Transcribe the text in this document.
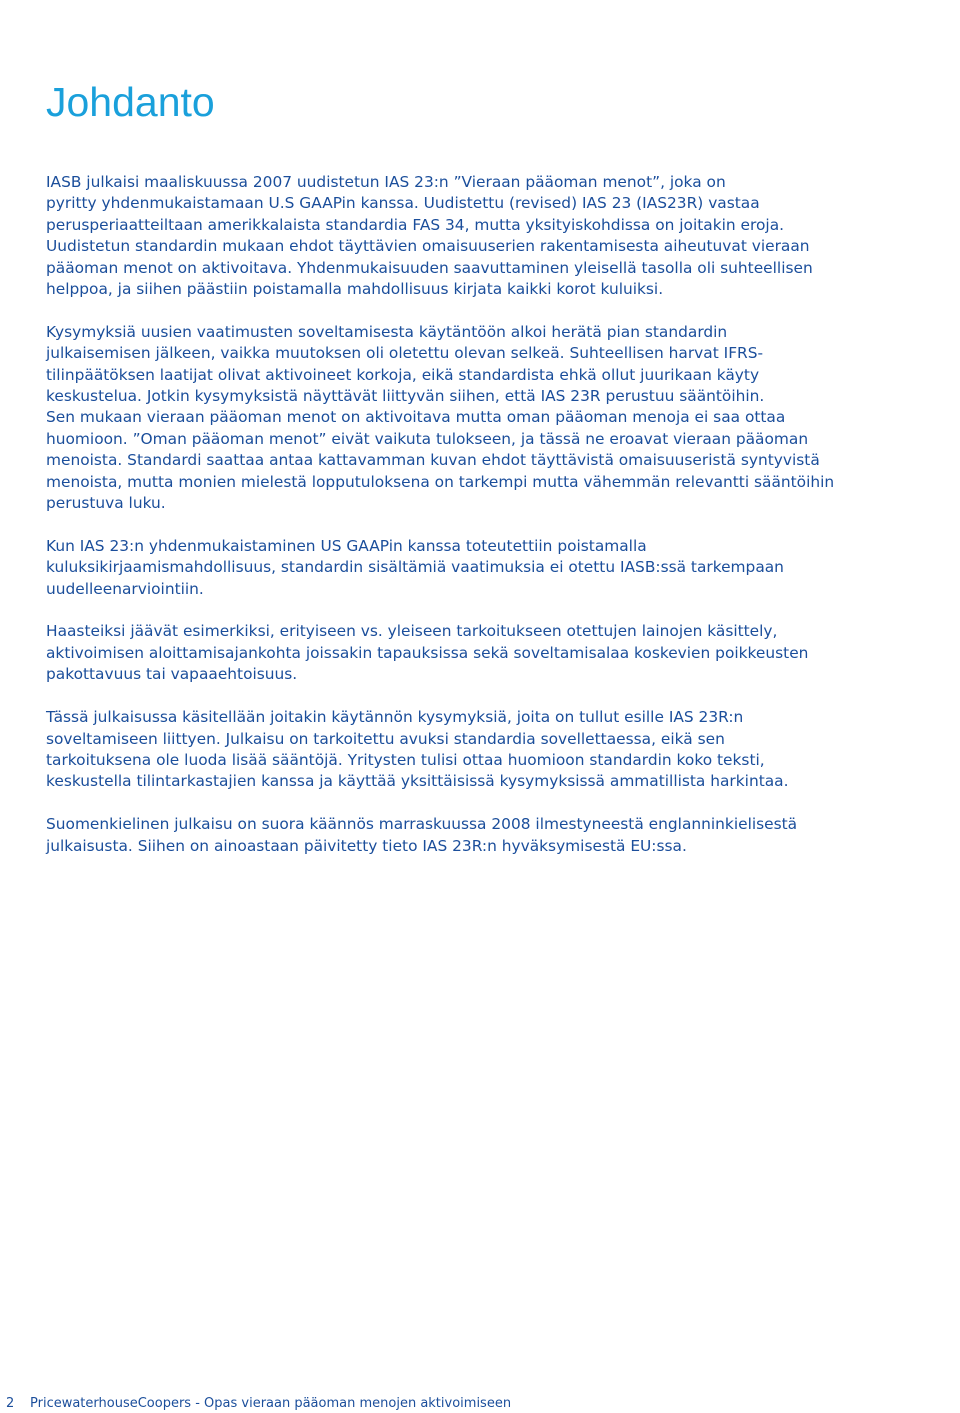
Johdanto

IASB julkaisi maaliskuussa 2007 uudistetun IAS 23:n ”Vieraan pääoman menot”, joka on
pyritty yhdenmukaistamaan U.S GAAPin kanssa. Uudistettu (revised) IAS 23 (IAS23R) vastaa
perusperiaatteiltaan amerikkalaista standardia FAS 34, mutta yksityiskohdissa on joitakin eroja.
Uudistetun standardin mukaan ehdot täyttävien omaisuuserien rakentamisesta aiheutuvat vieraan
pääoman menot on aktivoitava. Yhdenmukaisuuden saavuttaminen yleisellä tasolla oli suhteellisen
helppoa, ja siihen päästiin poistamalla mahdollisuus kirjata kaikki korot kuluiksi.

Kysymyksiä uusien vaatimusten soveltamisesta käytäntöön alkoi herätä pian standardin
julkaisemisen jälkeen, vaikka muutoksen oli oletettu olevan selkeä. Suhteellisen harvat IFRS-
tilinpäätöksen laatijat olivat aktivoineet korkoja, eikä standardista ehkä ollut juurikaan käyty
keskustelua. Jotkin kysymyksistä näyttävät liittyvän siihen, että IAS 23R perustuu sääntöihin.
Sen mukaan vieraan pääoman menot on aktivoitava mutta oman pääoman menoja ei saa ottaa
huomioon. ”Oman pääoman menot” eivät vaikuta tulokseen, ja tässä ne eroavat vieraan pääoman
menoista. Standardi saattaa antaa kattavamman kuvan ehdot täyttävistä omaisuuseristä syntyvistä
menoista, mutta monien mielestä lopputuloksena on tarkempi mutta vähemmän relevantti sääntöihin
perustuva luku.

Kun IAS 23:n yhdenmukaistaminen US GAAPin kanssa toteutettiin poistamalla
kuluksikirjaamismahdollisuus, standardin sisältämiä vaatimuksia ei otettu IASB:ssä tarkempaan
uudelleenarviointiin.

Haasteiksi jäävät esimerkiksi, erityiseen vs. yleiseen tarkoitukseen otettujen lainojen käsittely,
aktivoimisen aloittamisajankohta joissakin tapauksissa sekä soveltamisalaa koskevien poikkeusten
pakottavuus tai vapaaehtoisuus.

Tässä julkaisussa käsitellään joitakin käytännön kysymyksiä, joita on tullut esille IAS 23R:n
soveltamiseen liittyen. Julkaisu on tarkoitettu avuksi standardia sovellettaessa, eikä sen
tarkoituksena ole luoda lisää sääntöjä. Yritysten tulisi ottaa huomioon standardin koko teksti,
keskustella tilintarkastajien kanssa ja käyttää yksittäisissä kysymyksissä ammatillista harkintaa.

Suomenkielinen julkaisu on suora käännös marraskuussa 2008 ilmestyneestä englanninkielisestä
julkaisusta. Siihen on ainoastaan päivitetty tieto IAS 23R:n hyväksymisestä EU:ssa.

2 PricewaterhouseCoopers - Opas vieraan pääoman menojen aktivoimiseen
